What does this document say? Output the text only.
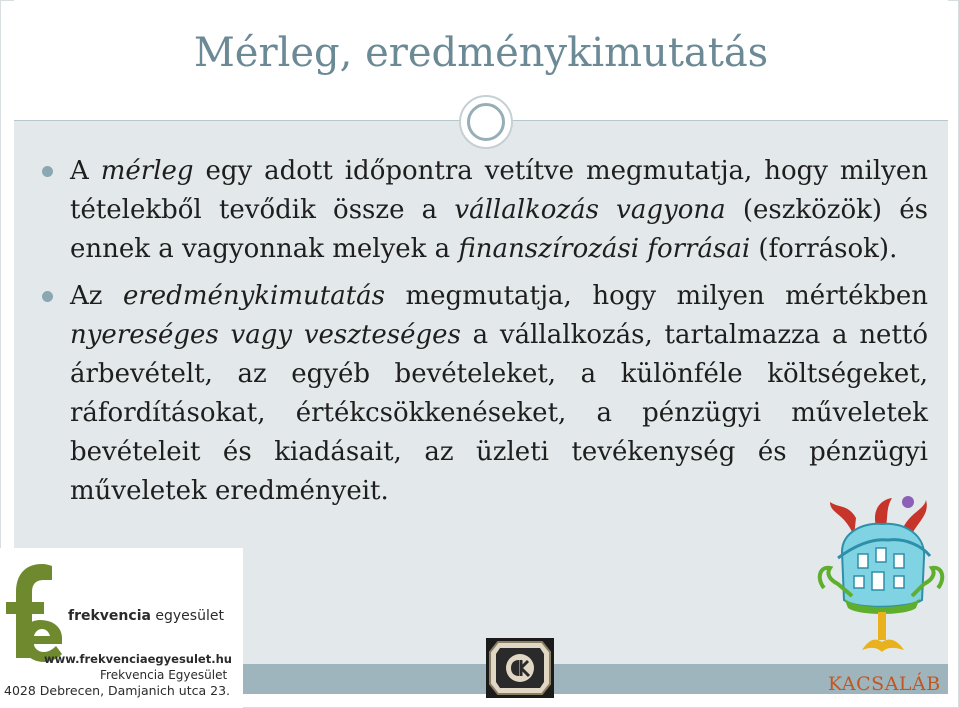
Mérleg, eredménykimutatás

A mérleg egy adott időpontra vetítve megmutatja, hogy milyen tételekből tevődik össze a vállalkozás vagyona (eszközök) és ennek a vagyonnak melyek a finanszírozási forrásai (források).

Az eredménykimutatás megmutatja, hogy milyen mértékben nyereséges vagy veszteséges a vállalkozás, tartalmazza a nettó árbevételt, az egyéb bevételeket, a különféle költségeket, ráfordításokat, értékcsökkenéseket, a pénzügyi műveletek bevételeit és kiadásait, az üzleti tevékenység és pénzügyi műveletek eredményeit.

frekvencia egyesület
www.frekvenciaegyesulet.hu
Frekvencia Egyesület
4028 Debrecen, Damjanich utca 23.	KACSALÁB
